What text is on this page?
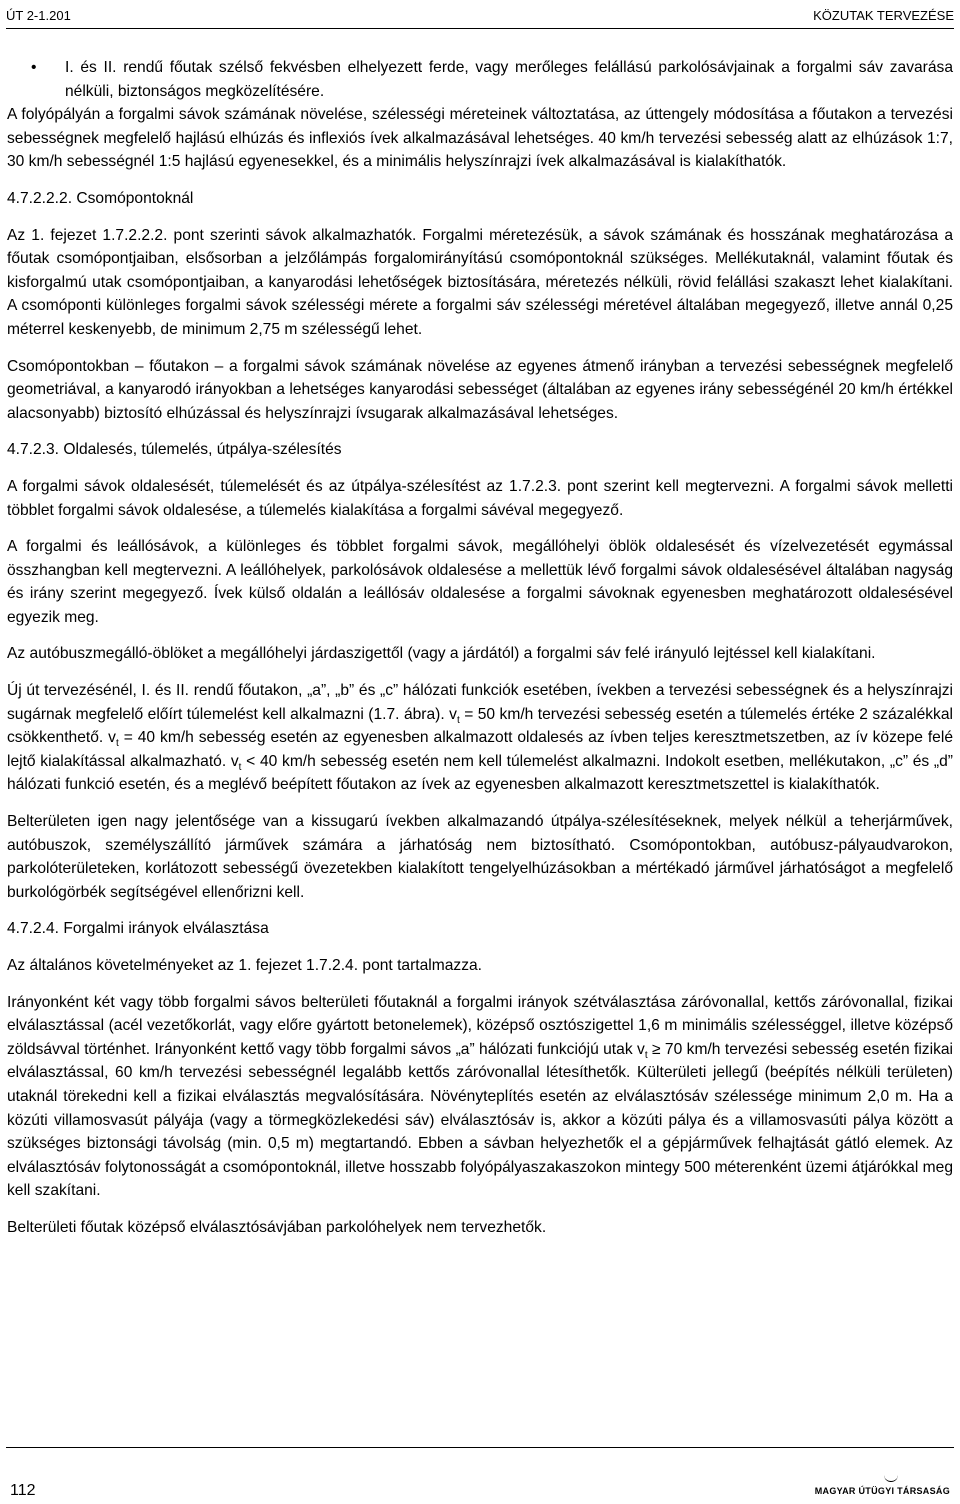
ÚT 2-1.201	KÖZUTAK TERVEZÉSE
• I. és II. rendű főutak szélső fekvésben elhelyezett ferde, vagy merőleges felállású parkolósávjainak a forgalmi sáv zavarása nélküli, biztonságos megközelítésére.

A folyópályán a forgalmi sávok számának növelése, szélességi méreteinek változtatása, az úttengely módosítása a főutakon a tervezési sebességnek megfelelő hajlású elhúzás és inflexiós ívek alkalmazásával lehetséges. 40 km/h tervezési sebesség alatt az elhúzások 1:7, 30 km/h sebességnél 1:5 hajlású egyenesekkel, és a minimális helyszínrajzi ívek alkalmazásával is kialakíthatók.

4.7.2.2.2. Csomópontoknál

Az 1. fejezet 1.7.2.2.2. pont szerinti sávok alkalmazhatók. Forgalmi méretezésük, a sávok számának és hosszának meghatározása a főutak csomópontjaiban, elsősorban a jelzőlámpás forgalomirányítású csomópontoknál szükséges. Mellékutaknál, valamint főutak és kisforgalmú utak csomópontjaiban, a kanyarodási lehetőségek biztosítására, méretezés nélküli, rövid felállási szakaszt lehet kialakítani. A csomóponti különleges forgalmi sávok szélességi mérete a forgalmi sáv szélességi méretével általában megegyező, illetve annál 0,25 méterrel keskenyebb, de minimum 2,75 m szélességű lehet.

Csomópontokban – főutakon – a forgalmi sávok számának növelése az egyenes átmenő irányban a tervezési sebességnek megfelelő geometriával, a kanyarodó irányokban a lehetséges kanyarodási sebességet (általában az egyenes irány sebességénél 20 km/h értékkel alacsonyabb) biztosító elhúzással és helyszínrajzi ívsugarak alkalmazásával lehetséges.

4.7.2.3. Oldalesés, túlemelés, útpálya-szélesítés

A forgalmi sávok oldalesését, túlemelését és az útpálya-szélesítést az 1.7.2.3. pont szerint kell megtervezni. A forgalmi sávok melletti többlet forgalmi sávok oldalesése, a túlemelés kialakítása a forgalmi sávéval megegyező.

A forgalmi és leállósávok, a különleges és többlet forgalmi sávok, megállóhelyi öblök oldalesését és vízelvezetését egymással összhangban kell megtervezni. A leállóhelyek, parkolósávok oldalesése a mellettük lévő forgalmi sávok oldalesésével általában nagyság és irány szerint megegyező. Ívek külső oldalán a leállósáv oldalesése a forgalmi sávoknak egyenesben meghatározott oldalesésével egyezik meg.

Az autóbuszmegálló-öblöket a megállóhelyi járdaszigettől (vagy a járdától) a forgalmi sáv felé irányuló lejtéssel kell kialakítani.

Új út tervezésénél, I. és II. rendű főutakon, „a”, „b” és „c” hálózati funkciók esetében, ívekben a tervezési sebességnek és a helyszínrajzi sugárnak megfelelő előírt túlemelést kell alkalmazni (1.7. ábra). $v_t = 50$ km/h tervezési sebesség esetén a túlemelés értéke 2 százalékkal csökkenthető. $v_t = 40$ km/h sebesség esetén az egyenesben alkalmazott oldalesés az ívben teljes keresztmetszetben, az ív közepe felé lejtő kialakítással alkalmazható. $v_t < 40$ km/h sebesség esetén nem kell túlemelést alkalmazni. Indokolt esetben, mellékutakon, „c” és „d” hálózati funkció esetén, és a meglévő beépített főutakon az ívek az egyenesben alkalmazott keresztmetszettel is kialakíthatók.

Belterületen igen nagy jelentősége van a kissugarú ívekben alkalmazandó útpálya-szélesítéseknek, melyek nélkül a teherjárművek, autóbuszok, személyszállító járművek számára a járhatóság nem biztosítható. Csomópontokban, autóbusz-pályaudvarokon, parkolóterületeken, korlátozott sebességű övezetekben kialakított tengelyelhúzásokban a mértékadó járművel járhatóságot a megfelelő burkológörbék segítségével ellenőrizni kell.

4.7.2.4. Forgalmi irányok elválasztása

Az általános követelményeket az 1. fejezet 1.7.2.4. pont tartalmazza.

Irányonként két vagy több forgalmi sávos belterületi főutaknál a forgalmi irányok szétválasztása záróvonallal, kettős záróvonallal, fizikai elválasztással (acél vezetőkorlát, vagy előre gyártott betonelemek), középső osztószigettel 1,6 m minimális szélességgel, illetve középső zöldsávval történhet. Irányonként kettő vagy több forgalmi sávos „a” hálózati funkciójú utak $v_t \ge 70$ km/h tervezési sebesség esetén fizikai elválasztással, 60 km/h tervezési sebességnél legalább kettős záróvonallal létesíthetők. Külterületi jellegű (beépítés nélküli területen) utaknál törekedni kell a fizikai elválasztás megvalósítására. Növényteplítés esetén az elválasztósáv szélessége minimum 2,0 m. Ha a közúti villamosvasút pályája (vagy a törmegközlekedési sáv) elválasztósáv is, akkor a közúti pálya és a villamosvasúti pálya között a szükséges biztonsági távolság (min. 0,5 m) megtartandó. Ebben a sávban helyezhetők el a gépjárművek felhajtását gátló elemek. Az elválasztósáv folytonosságát a csomópontoknál, illetve hosszabb folyópályaszakaszokon mintegy 500 méterenként üzemi átjárókkal meg kell szakítani.

Belterületi főutak középső elválasztósávjában parkolóhelyek nem tervezhetők.

112	MAGYAR ÚTÜGYI TÁRSASÁG
